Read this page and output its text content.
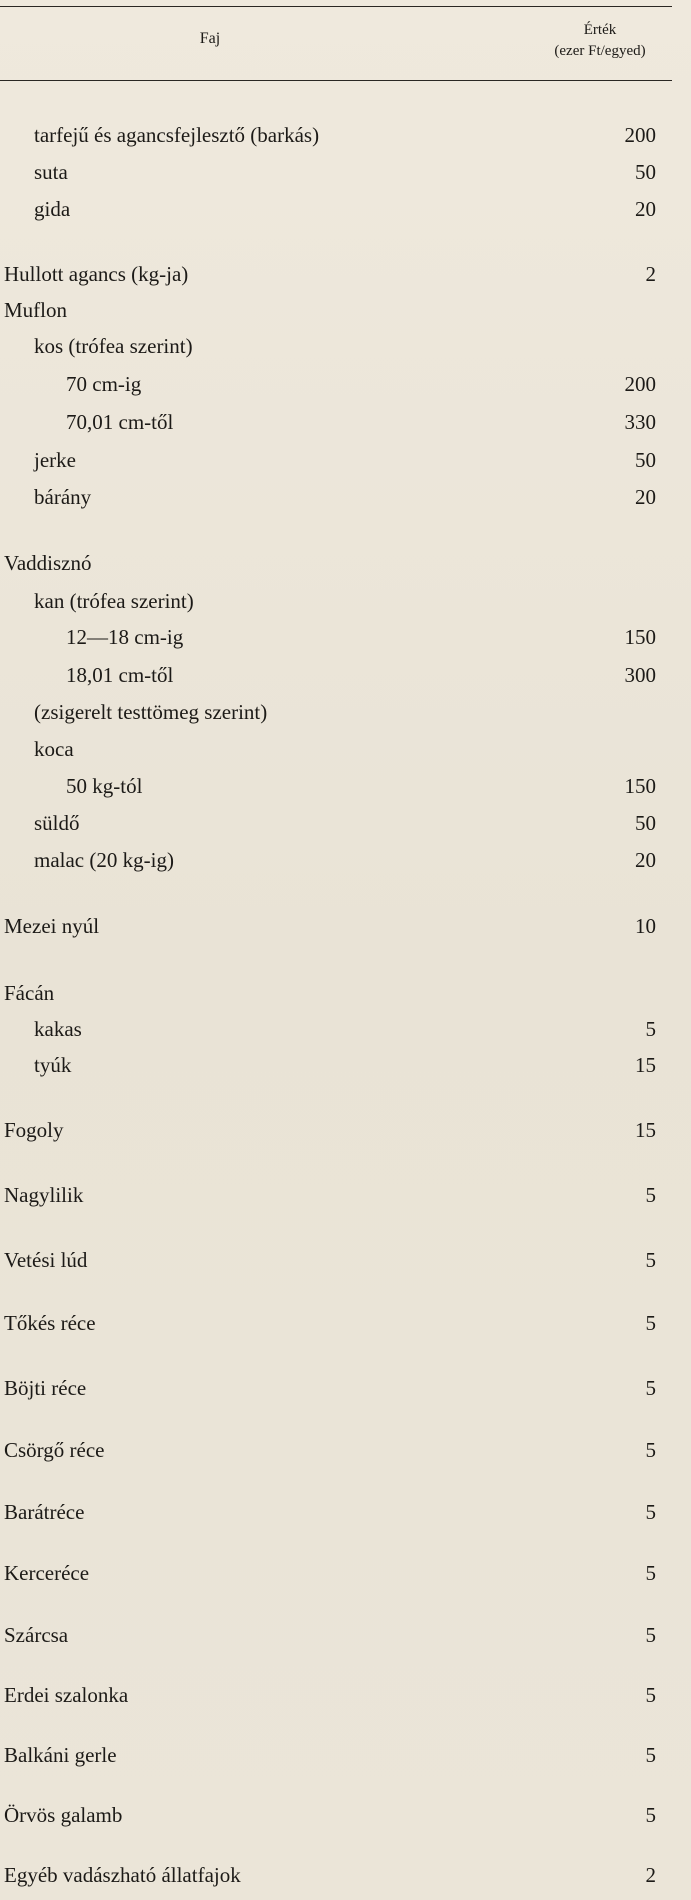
Faj	Érték
(ezer Ft/egyed)
tarfejű és agancsfejlesztő (barkás)	200
suta	50
gida	20
Hullott agancs (kg-ja)	2
Muflon
kos (trófea szerint)
70 cm-ig	200
70,01 cm-től	330
jerke	50
bárány	20
Vaddisznó
kan (trófea szerint)
12—18 cm-ig	150
18,01 cm-től	300
(zsigerelt testtömeg szerint)
koca
50 kg-tól	150
süldő	50
malac (20 kg-ig)	20
Mezei nyúl	10
Fácán
kakas	5
tyúk	15
Fogoly	15
Nagylilik	5
Vetési lúd	5
Tőkés réce	5
Böjti réce	5
Csörgő réce	5
Barátréce	5
Kercerécе	5
Szárcsa	5
Erdei szalonka	5
Balkáni gerle	5
Örvös galamb	5
Egyéb vadászható állatfajok	2
